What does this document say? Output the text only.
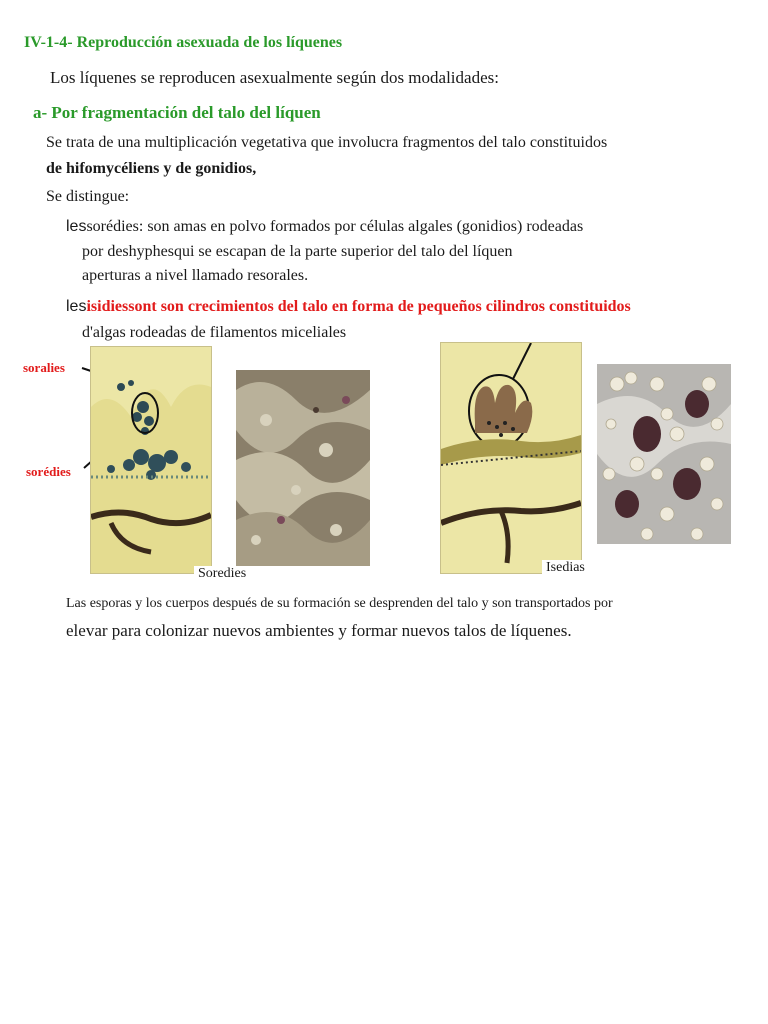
IV-1-4- Reproducción asexuada de los líquenes
Los líquenes se reproducen asexualmente según dos modalidades:
a- Por fragmentación del talo del líquen
Se trata de una multiplicación vegetativa que involucra fragmentos del talo constituidos
de hifomycéliens y de gonidios,
Se distingue:
lessorédies: son amas en polvo formados por células algales (gonidios) rodeadas
por deshyphesqui se escapan de la parte superior del talo del líquen
aperturas a nivel llamado resorales.
lesisidiessont son crecimientos del talo en forma de pequeños cilindros constituidos
d'algas rodeadas de filamentos miceliales
soralies
sorédies
Soredies	Isedias
Las esporas y los cuerpos después de su formación se desprenden del talo y son transportados por
elevar para colonizar nuevos ambientes y formar nuevos talos de líquenes.
